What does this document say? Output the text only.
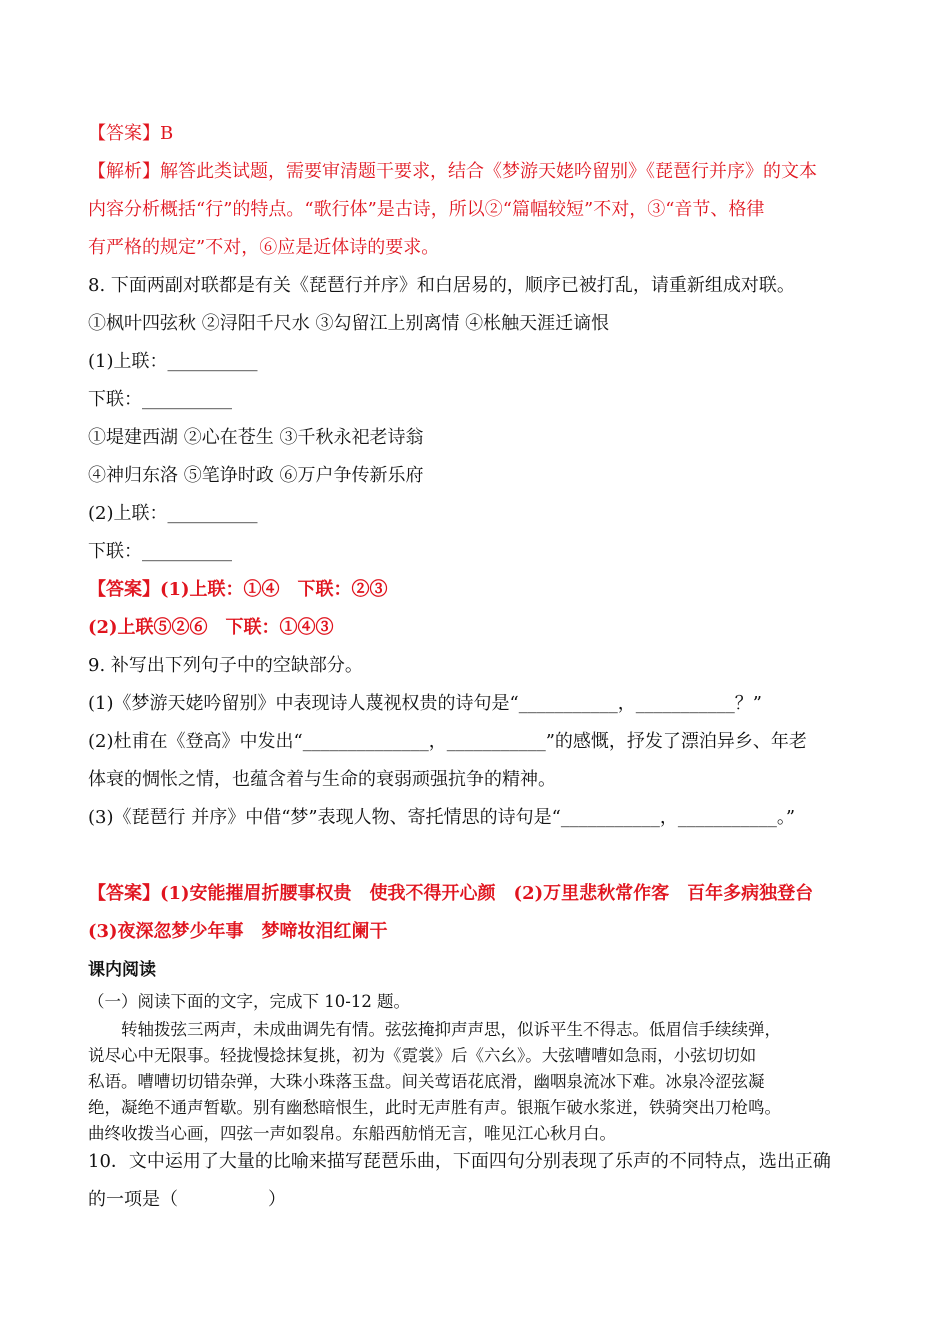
【答案】B
【解析】解答此类试题，需要审清题干要求，结合《梦游天姥吟留别》《琵琶行并序》的文本
内容分析概括“行”的特点。“歌行体”是古诗，所以②“篇幅较短”不对，③“音节、格律
有严格的规定”不对，⑥应是近体诗的要求。
8. 下面两副对联都是有关《琵琶行并序》和白居易的，顺序已被打乱，请重新组成对联。
①枫叶四弦秋 ②浔阳千尺水 ③勾留江上别离情 ④枨触天涯迁谪恨
(1)上联：__________
下联：__________
①堤建西湖 ②心在苍生 ③千秋永祀老诗翁
④神归东洛 ⑤笔诤时政 ⑥万户争传新乐府
(2)上联：__________
下联：__________
【答案】(1)上联：①④　下联：②③
(2)上联⑤②⑥　下联：①④③
9. 补写出下列句子中的空缺部分。
(1)《梦游天姥吟留别》中表现诗人蔑视权贵的诗句是“___________，___________？”
(2)杜甫在《登高》中发出“______________，___________”的感慨，抒发了漂泊异乡、年老
体衰的惆怅之情，也蕴含着与生命的衰弱顽强抗争的精神。
(3)《琵琶行 并序》中借“梦”表现人物、寄托情思的诗句是“___________，___________。”
【答案】(1)安能摧眉折腰事权贵　使我不得开心颜　(2)万里悲秋常作客　百年多病独登台
(3)夜深忽梦少年事　梦啼妆泪红阑干
课内阅读
（一）阅读下面的文字，完成下 10-12 题。
　　转轴拨弦三两声，未成曲调先有情。弦弦掩抑声声思，似诉平生不得志。低眉信手续续弹，
说尽心中无限事。轻拢慢捻抹复挑，初为《霓裳》后《六幺》。大弦嘈嘈如急雨，小弦切切如
私语。嘈嘈切切错杂弹，大珠小珠落玉盘。间关莺语花底滑，幽咽泉流冰下难。冰泉冷涩弦凝
绝，凝绝不通声暂歇。别有幽愁暗恨生，此时无声胜有声。银瓶乍破水浆迸，铁骑突出刀枪鸣。
曲终收拨当心画，四弦一声如裂帛。东船西舫悄无言，唯见江心秋月白。
10．文中运用了大量的比喻来描写琵琶乐曲，下面四句分别表现了乐声的不同特点，选出正确
的一项是（　　　　　）
